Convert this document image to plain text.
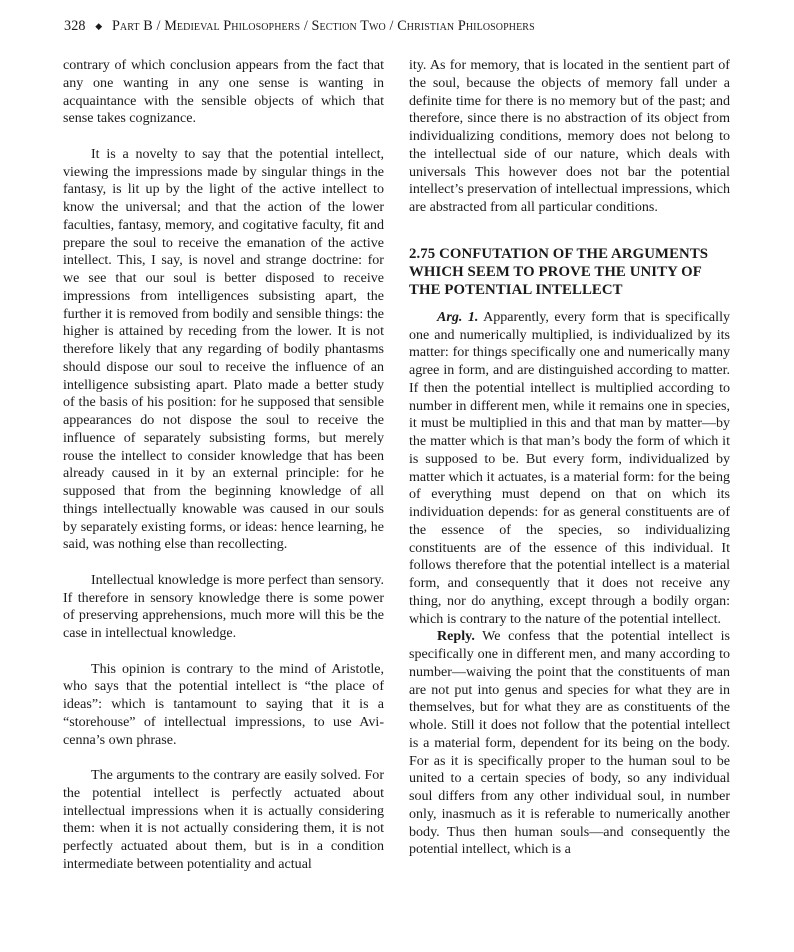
328 ◆ Part B / Medieval Philosophers / Section Two / Christian Philosophers

contrary of which conclusion appears from the fact that any one wanting in any one sense is wanting in acquaintance with the sensible objects of which that sense takes cognizance.

It is a novelty to say that the potential intellect, viewing the impressions made by singular things in the fantasy, is lit up by the light of the active intellect to know the universal; and that the action of the lower faculties, fantasy, memory, and cogitative faculty, fit and prepare the soul to receive the emanation of the active intellect. This, I say, is novel and strange doctrine: for we see that our soul is better disposed to receive impressions from intelligences subsisting apart, the further it is removed from bodily and sensible things: the higher is attained by receding from the lower. It is not therefore likely that any regarding of bodily phantasms should dispose our soul to receive the influence of an intelligence subsisting apart. Plato made a better study of the basis of his position: for he supposed that sensible appearances do not dispose the soul to receive the influence of separately subsisting forms, but merely rouse the intellect to consider knowledge that has been already caused in it by an external principle: for he supposed that from the beginning knowledge of all things intellectually knowable was caused in our souls by separately existing forms, or ideas: hence learning, he said, was nothing else than recollecting.

Intellectual knowledge is more perfect than sensory. If therefore in sensory knowledge there is some power of preserving apprehensions, much more will this be the case in intellectual knowledge.

This opinion is contrary to the mind of Aristotle, who says that the potential intellect is “the place of ideas”: which is tantamount to saying that it is a “storehouse” of intellectual impressions, to use Avicenna’s own phrase.

The arguments to the contrary are easily solved. For the potential intellect is perfectly actuated about intellectual impressions when it is actually considering them: when it is not actually considering them, it is not perfectly actuated about them, but is in a condition intermediate between potentiality and actual

ity. As for memory, that is located in the sentient part of the soul, because the objects of memory fall under a definite time for there is no memory but of the past; and therefore, since there is no abstraction of its object from individualizing conditions, memory does not belong to the intellectual side of our nature, which deals with universals This however does not bar the potential intellect’s preservation of intellectual impressions, which are abstracted from all particular conditions.

2.75 CONFUTATION OF THE ARGUMENTS WHICH SEEM TO PROVE THE UNITY OF THE POTENTIAL INTELLECT

Arg. 1. Apparently, every form that is specifically one and numerically multiplied, is individualized by its matter: for things specifically one and numerically many agree in form, and are distinguished according to matter. If then the potential intellect is multiplied according to number in different men, while it remains one in species, it must be multiplied in this and that man by matter—by the matter which is that man’s body the form of which it is supposed to be. But every form, individualized by matter which it actuates, is a material form: for the being of everything must depend on that on which its individuation depends: for as general constituents are of the essence of the species, so individualizing constituents are of the essence of this individual. It follows therefore that the potential intellect is a material form, and consequently that it does not receive any thing, nor do anything, except through a bodily organ: which is contrary to the nature of the potential intellect.

Reply. We confess that the potential intellect is specifically one in different men, and many according to number—waiving the point that the constituents of man are not put into genus and species for what they are in themselves, but for what they are as constituents of the whole. Still it does not follow that the potential intellect is a material form, dependent for its being on the body. For as it is specifically proper to the human soul to be united to a certain species of body, so any individual soul differs from any other individual soul, in number only, inasmuch as it is referable to numerically another body. Thus then human souls—and consequently the potential intellect, which is a
